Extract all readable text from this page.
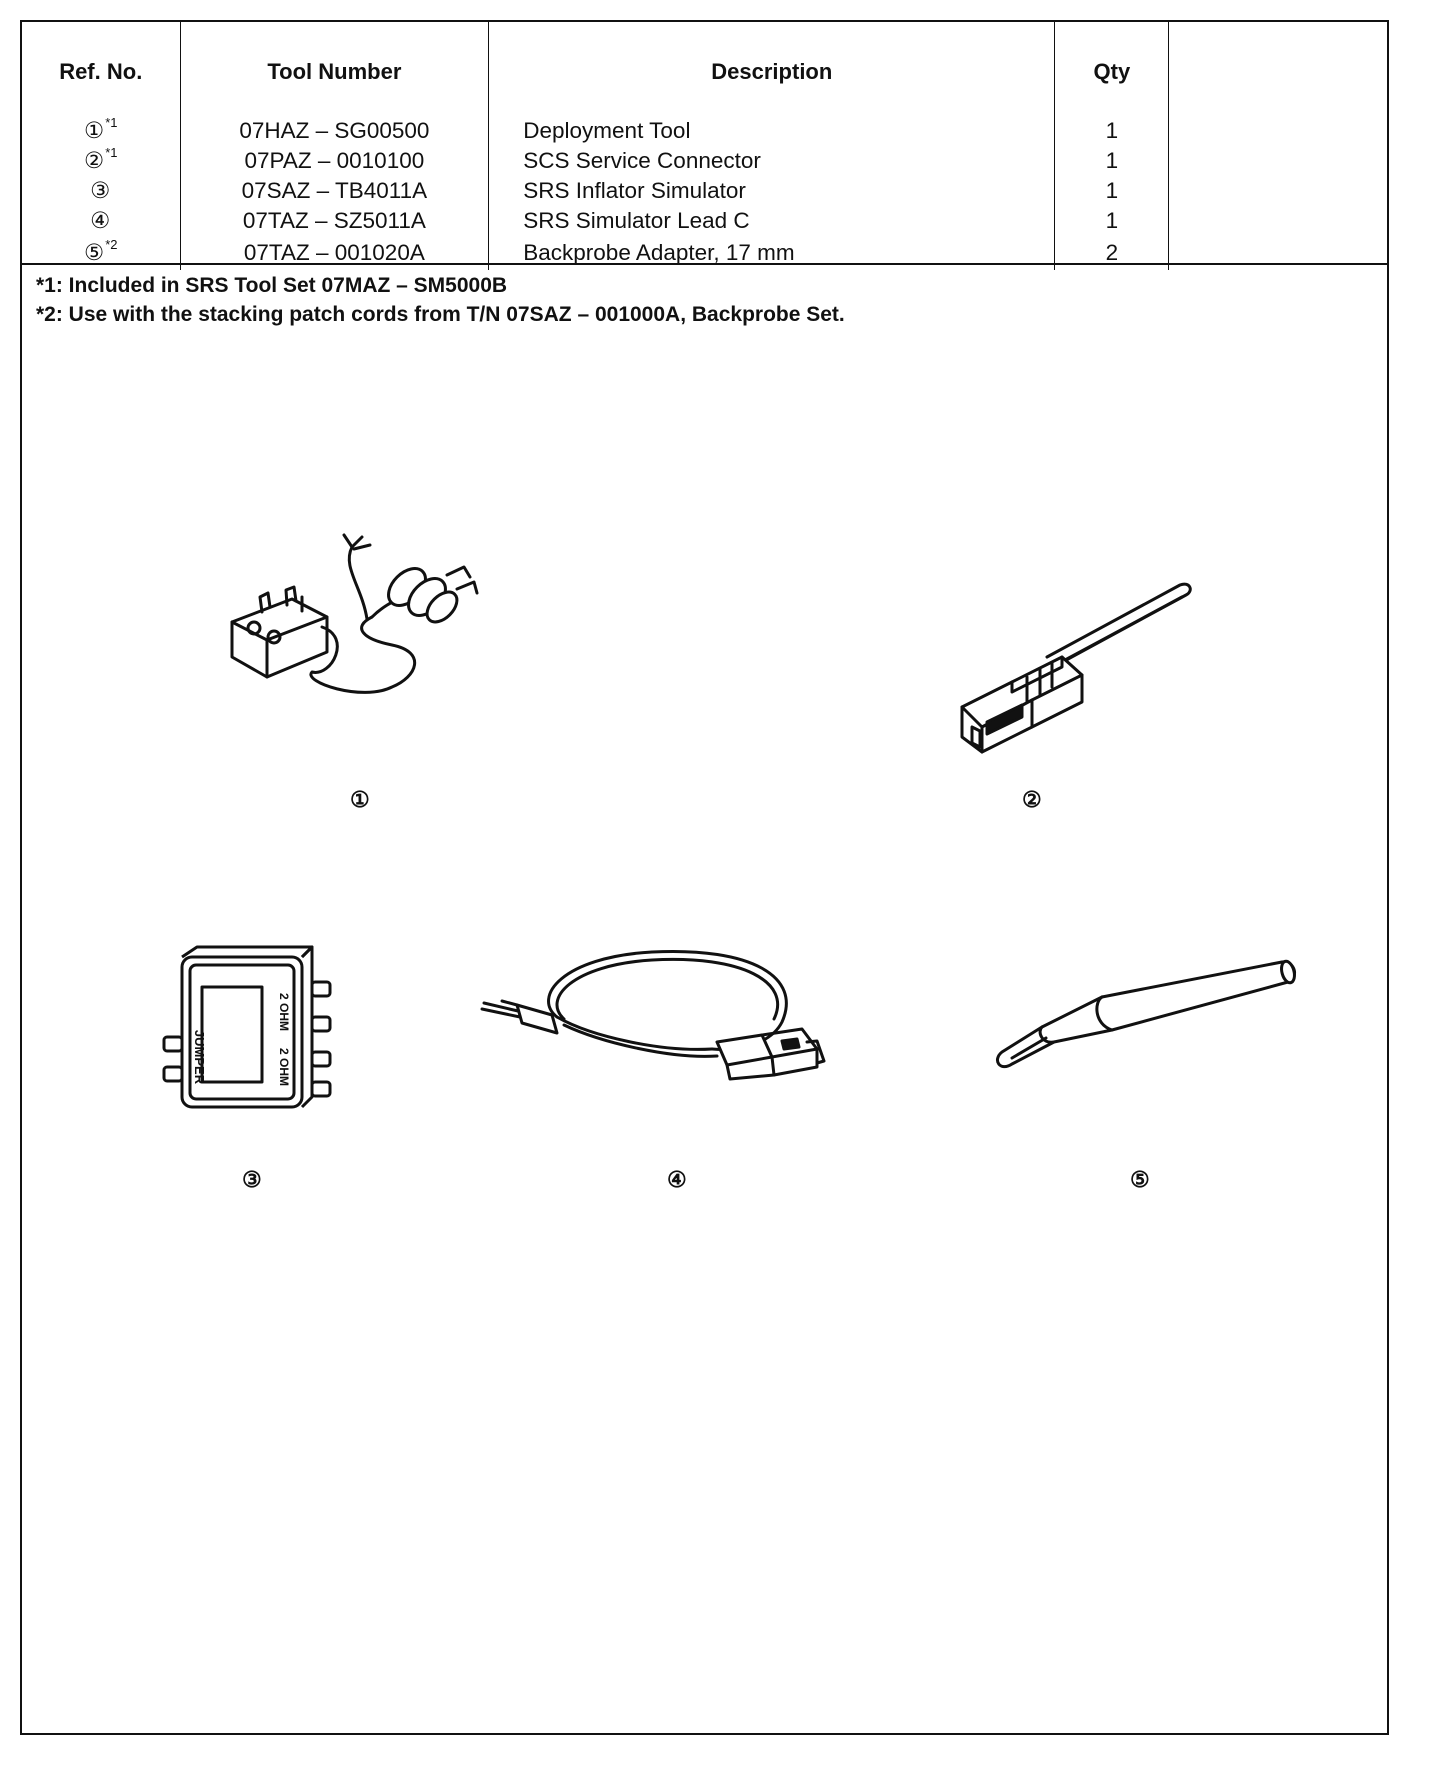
Ref. No.	Tool Number	Description	Qty	
①$^{*1}$	07HAZ – SG00500	Deployment Tool	1	
②$^{*1}$	07PAZ – 0010100	SCS Service Connector	1	
③	07SAZ – TB4011A	SRS Inflator Simulator	1	
④	07TAZ – SZ5011A	SRS Simulator Lead C	1	
⑤$^{*2}$	07TAZ – 001020A	Backprobe Adapter, 17 mm	2	
*1: Included in SRS Tool Set 07MAZ – SM5000B
*2: Use with the stacking patch cords from T/N 07SAZ – 001000A, Backprobe Set.
①	②
JUMPER
2 OHM
2 OHM
③	④	⑤
